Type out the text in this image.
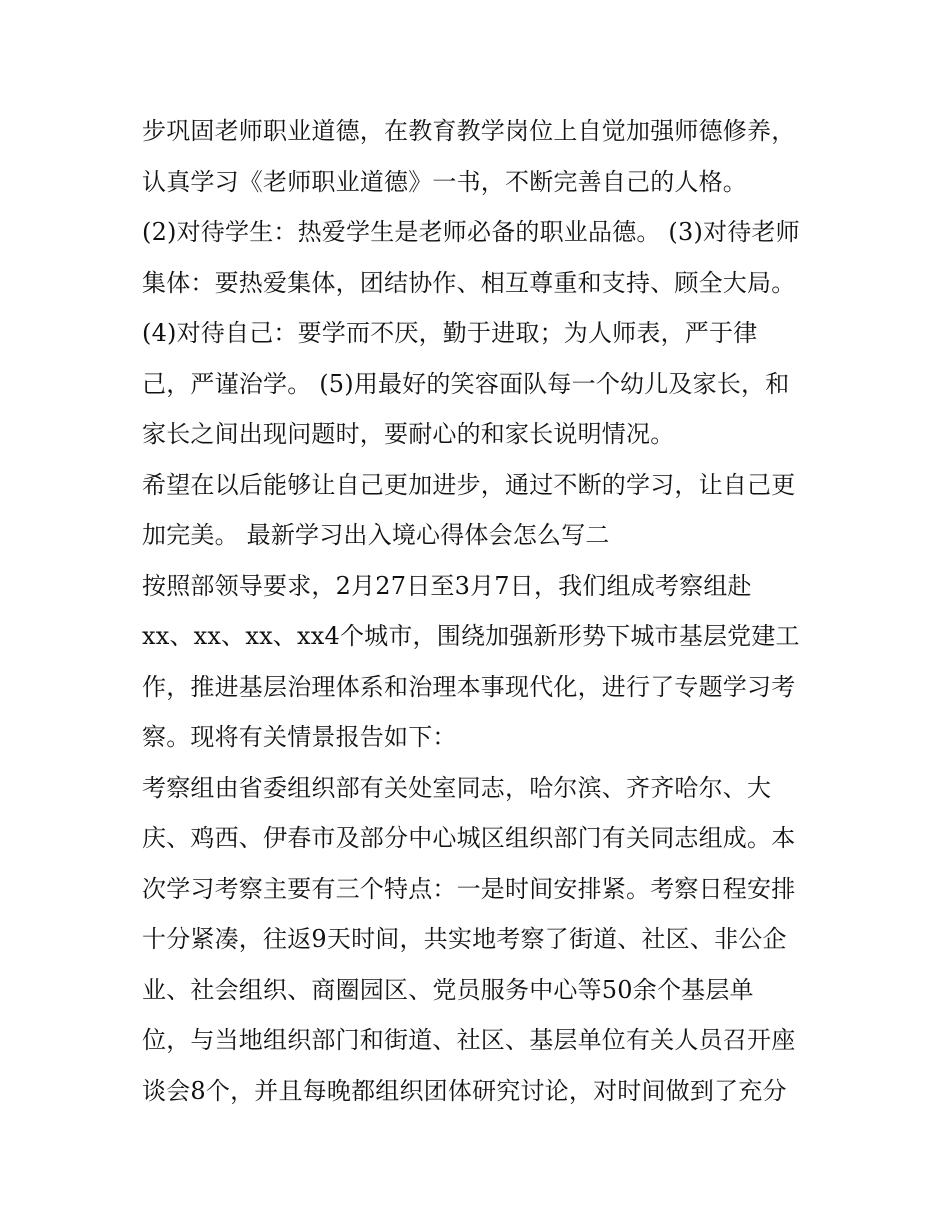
步巩固老师职业道德，在教育教学岗位上自觉加强师德修养，
认真学习《老师职业道德》一书，不断完善自己的人格。
(2)对待学生：热爱学生是老师必备的职业品德。 (3)对待老师
集体：要热爱集体，团结协作、相互尊重和支持、顾全大局。
(4)对待自己：要学而不厌，勤于进取；为人师表，严于律
己，严谨治学。 (5)用最好的笑容面队每一个幼儿及家长，和
家长之间出现问题时，要耐心的和家长说明情况。
希望在以后能够让自己更加进步，通过不断的学习，让自己更
加完美。 最新学习出入境心得体会怎么写二
按照部领导要求，2月27日至3月7日，我们组成考察组赴
xx、xx、xx、xx4个城市，围绕加强新形势下城市基层党建工
作，推进基层治理体系和治理本事现代化，进行了专题学习考
察。现将有关情景报告如下：
考察组由省委组织部有关处室同志，哈尔滨、齐齐哈尔、大
庆、鸡西、伊春市及部分中心城区组织部门有关同志组成。本
次学习考察主要有三个特点：一是时间安排紧。考察日程安排
十分紧凑，往返9天时间，共实地考察了街道、社区、非公企
业、社会组织、商圈园区、党员服务中心等50余个基层单
位，与当地组织部门和街道、社区、基层单位有关人员召开座
谈会8个，并且每晚都组织团体研究讨论，对时间做到了充分
